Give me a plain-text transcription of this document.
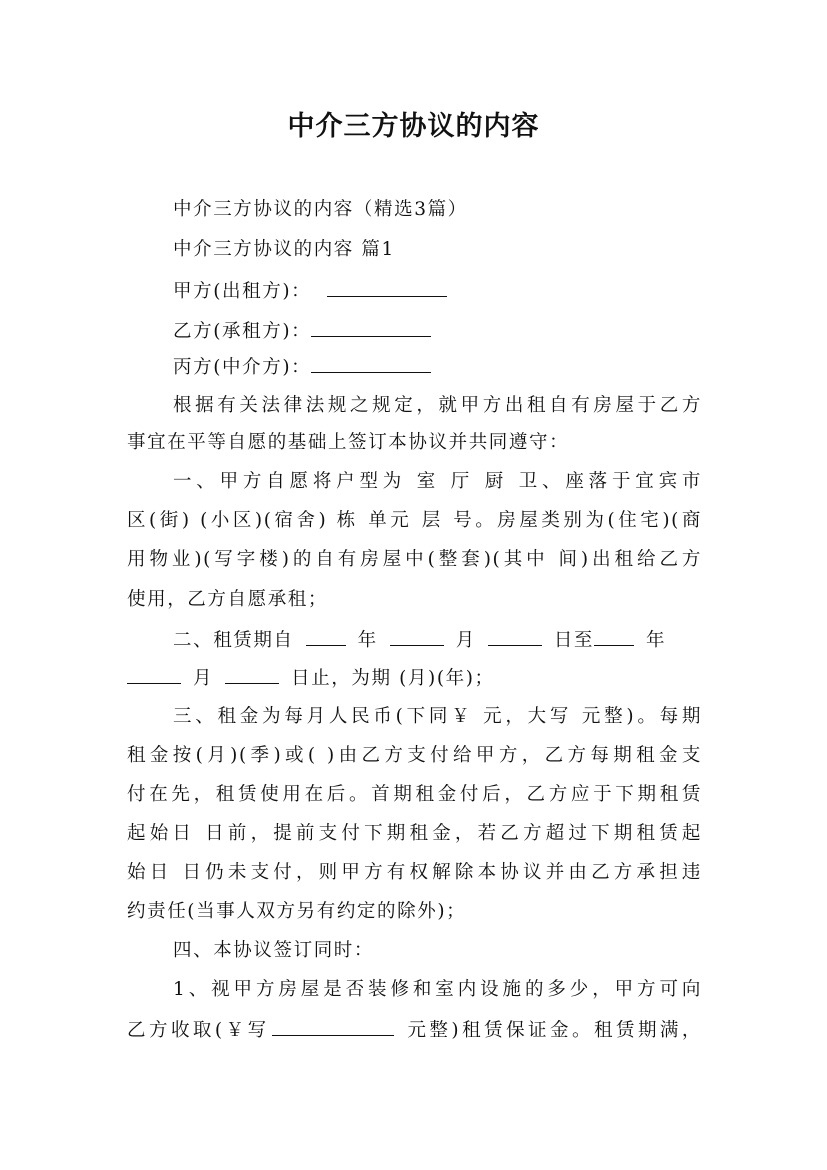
中介三方协议的内容
中介三方协议的内容（精选3篇）
中介三方协议的内容 篇1
甲方(出租方)：
乙方(承租方)：
丙方(中介方)：
根据有关法律法规之规定，就甲方出租自有房屋于乙方
事宜在平等自愿的基础上签订本协议并共同遵守：
一、甲方自愿将户型为 室 厅 厨 卫、座落于宜宾市
区(街) (小区)(宿舍) 栋 单元 层 号。房屋类别为(住宅)(商
用物业)(写字楼)的自有房屋中(整套)(其中 间)出租给乙方
使用，乙方自愿承租；
二、租赁期自	年	月	日至	年
月	日止，为期 (月)(年)；
三、租金为每月人民币(下同￥ 元，大写 元整)。每期
租金按(月)(季)或( )由乙方支付给甲方，乙方每期租金支
付在先，租赁使用在后。首期租金付后，乙方应于下期租赁
起始日 日前，提前支付下期租金，若乙方超过下期租赁起
始日 日仍未支付，则甲方有权解除本协议并由乙方承担违
约责任(当事人双方另有约定的除外)；
四、本协议签订同时：
1、视甲方房屋是否装修和室内设施的多少，甲方可向
乙方收取(￥写	元整)租赁保证金。租赁期满，
